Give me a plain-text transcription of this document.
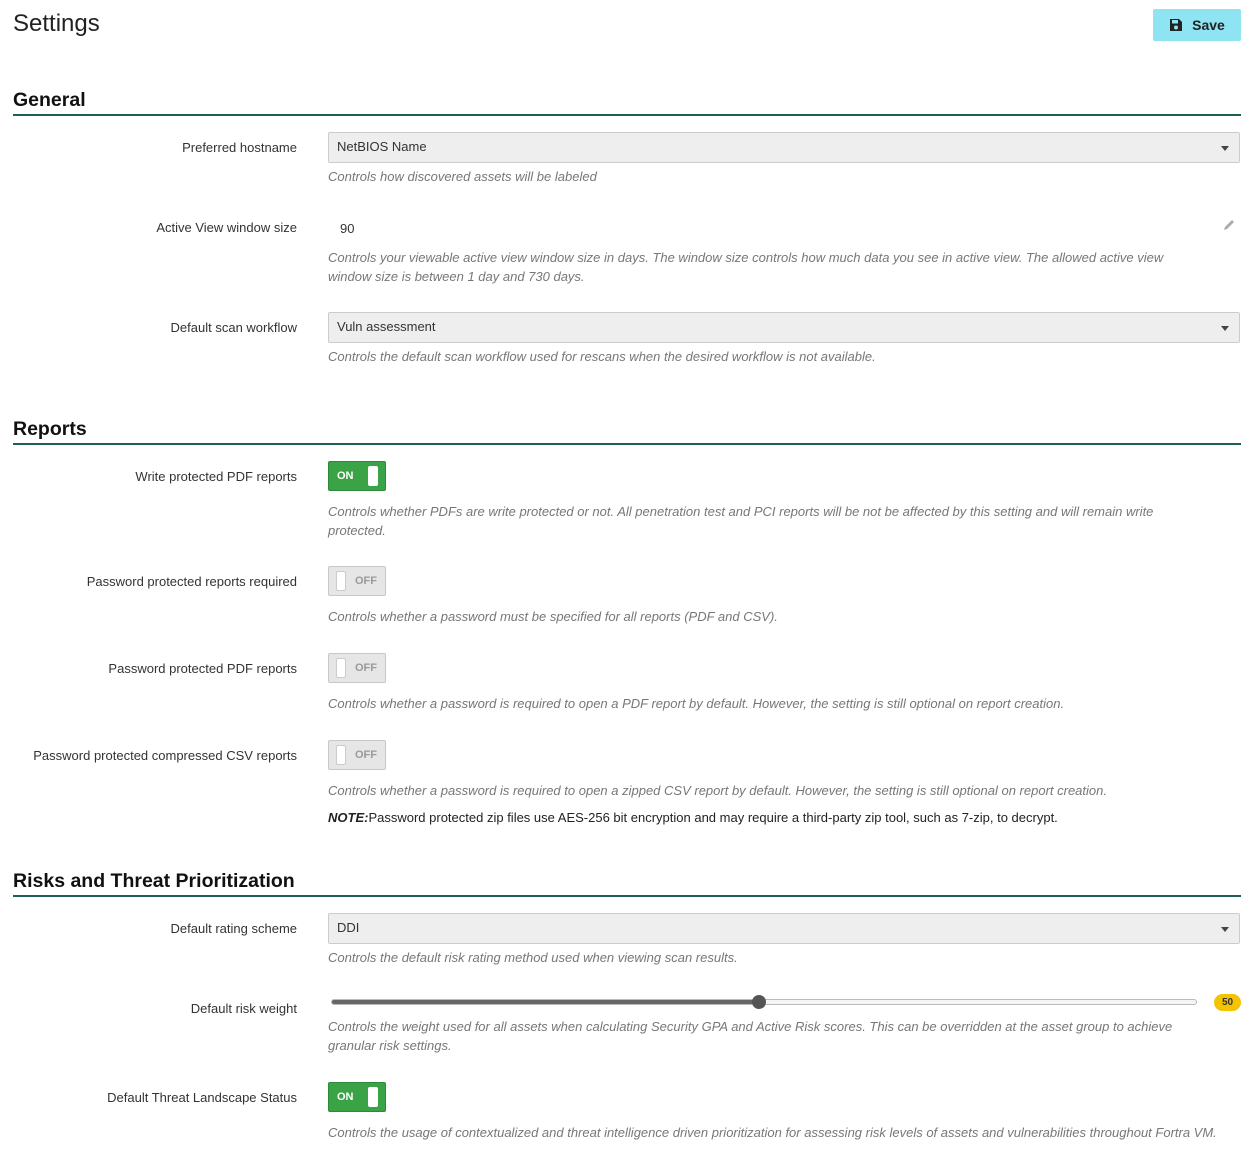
Settings	Save
General
Preferred hostname	NetBIOS Name
Controls how discovered assets will be labeled
Active View window size	90
Controls your viewable active view window size in days. The window size controls how much data you see in active view. The allowed active view window size is between 1 day and 730 days.
Default scan workflow	Vuln assessment
Controls the default scan workflow used for rescans when the desired workflow is not available.
Reports
Write protected PDF reports	ON
Controls whether PDFs are write protected or not. All penetration test and PCI reports will be not be affected by this setting and will remain write protected.
Password protected reports required	OFF
Controls whether a password must be specified for all reports (PDF and CSV).
Password protected PDF reports	OFF
Controls whether a password is required to open a PDF report by default. However, the setting is still optional on report creation.
Password protected compressed CSV reports	OFF
Controls whether a password is required to open a zipped CSV report by default. However, the setting is still optional on report creation.
NOTE:Password protected zip files use AES-256 bit encryption and may require a third-party zip tool, such as 7-zip, to decrypt.
Risks and Threat Prioritization
Default rating scheme	DDI
Controls the default risk rating method used when viewing scan results.
Default risk weight	50
Controls the weight used for all assets when calculating Security GPA and Active Risk scores. This can be overridden at the asset group to achieve granular risk settings.
Default Threat Landscape Status	ON
Controls the usage of contextualized and threat intelligence driven prioritization for assessing risk levels of assets and vulnerabilities throughout Fortra VM.
